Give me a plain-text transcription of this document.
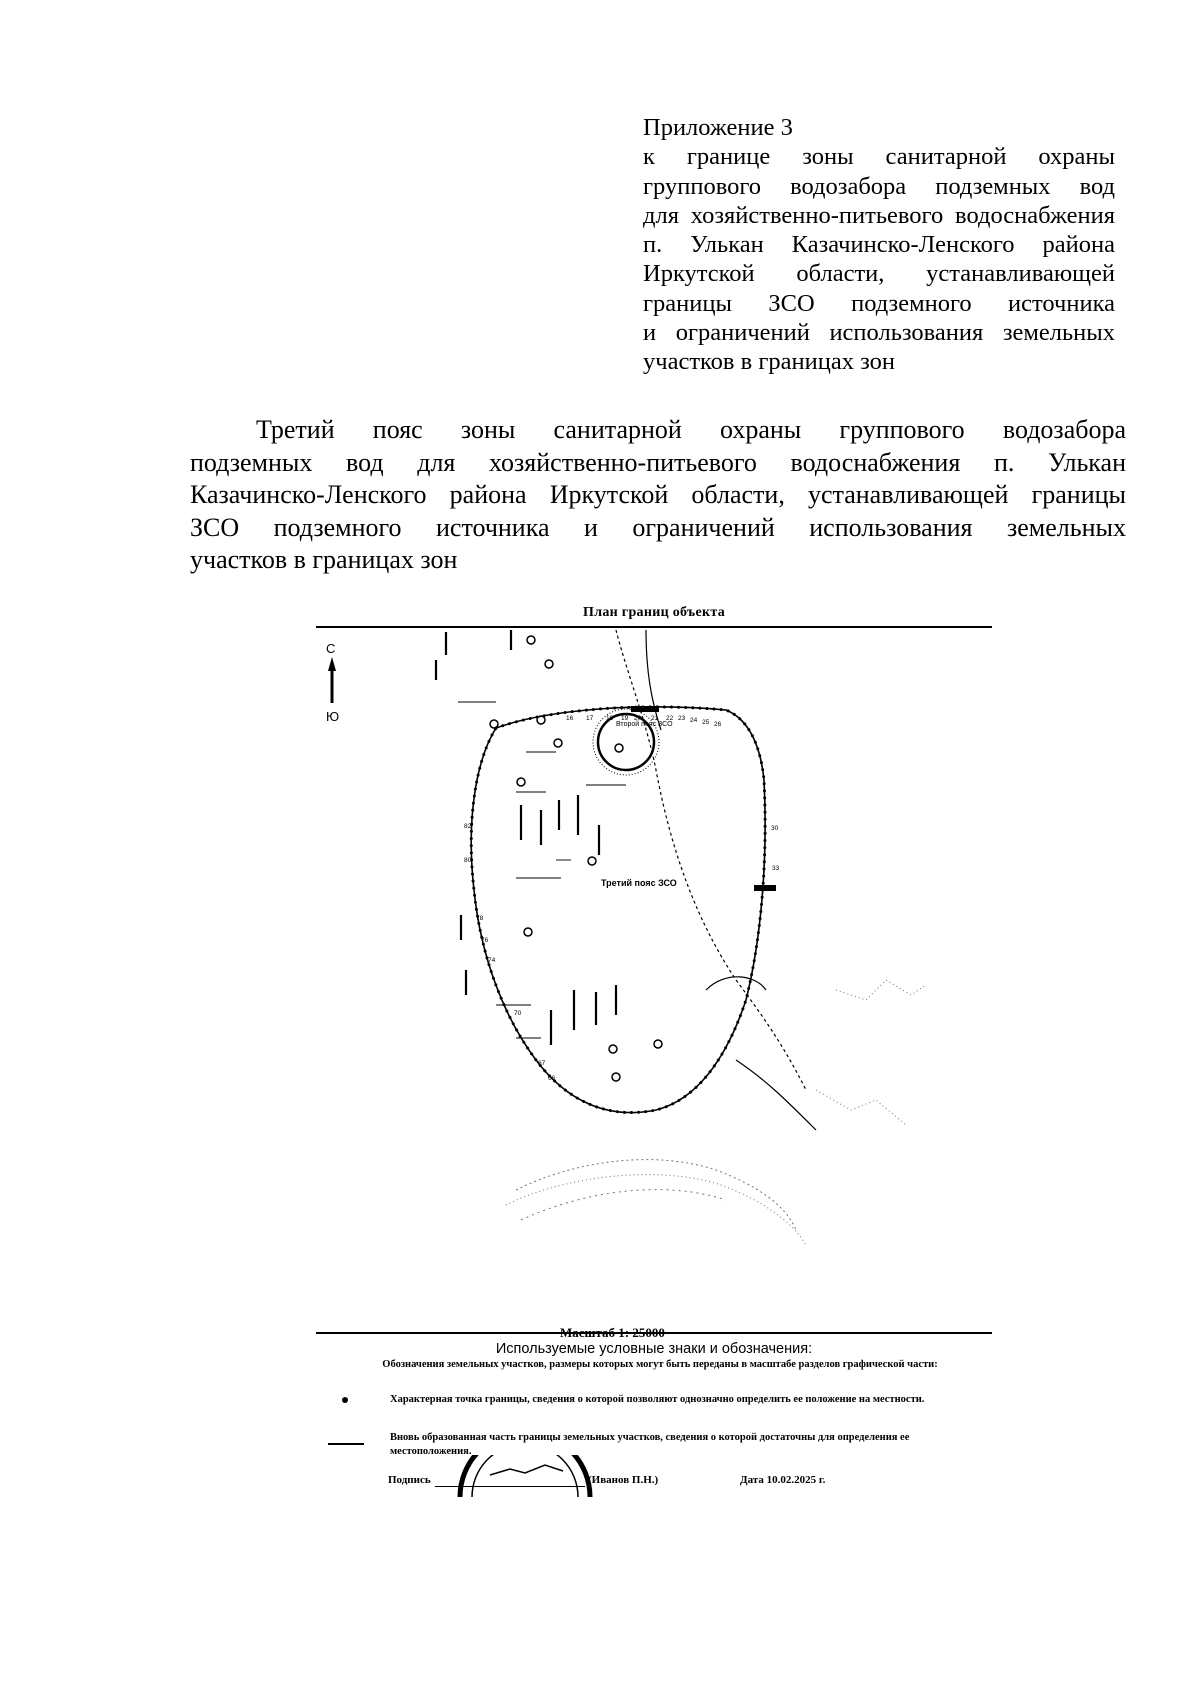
Приложение 3
к границе зоны санитарной охраны
группового водозабора подземных вод
для хозяйственно-питьевого водоснабжения
п. Улькан Казачинско-Ленского района
Иркутской области, устанавливающей
границы ЗСО подземного источника
и ограничений использования земельных
участков в границах зон
Третий пояс зоны санитарной охраны группового водозабора
подземных вод для хозяйственно-питьевого водоснабжения п. Улькан
Казачинско-Ленского района Иркутской области, устанавливающей границы
ЗСО подземного источника и ограничений использования земельных
участков в границах зон
План границ объекта
С
Ю
Второй пояс ЗСО
Третий пояс ЗСО
16 17 18 19 20 21 22 23 24 25 26
30
33
78
76
74
70
67
66
82
80
Масштаб 1: 25000
Используемые условные знаки и обозначения:
Обозначения земельных участков, размеры которых могут быть переданы в масштабе разделов графической части:
Характерная точка границы, сведения о которой позволяют однозначно определить ее положение на местности.
Вновь образованная часть границы земельных участков, сведения о которой достаточны для определения ее местоположения.
Подпись	(Иванов П.Н.)	Дата 10.02.2025 г.
